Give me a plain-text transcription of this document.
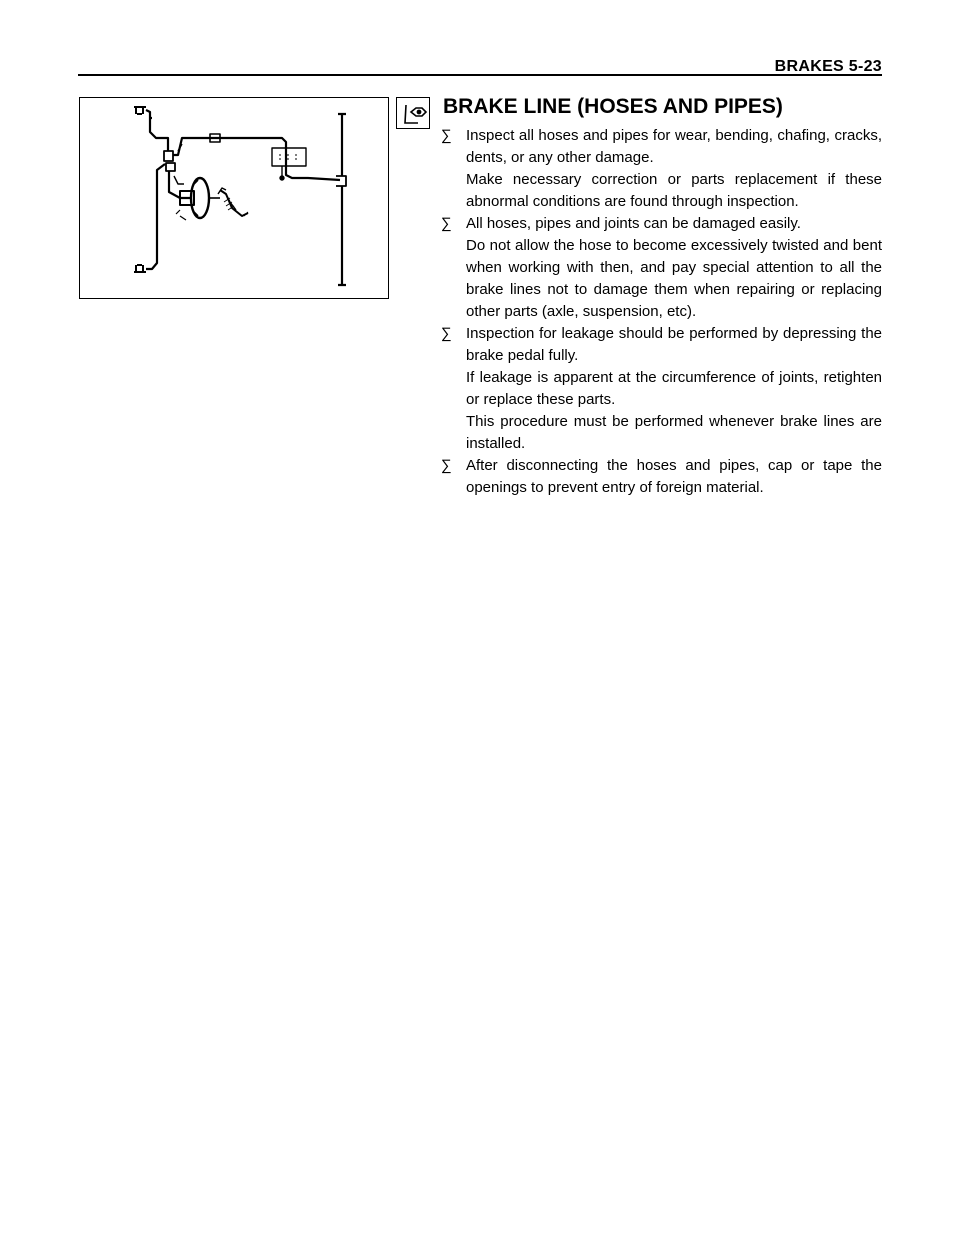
BRAKES 5-23
BRAKE LINE (HOSES AND PIPES)
∑ Inspect all hoses and pipes for wear, bending, chafing, cracks, dents, or any other damage.
Make necessary correction or parts replacement if these abnormal conditions are found through inspection.
∑ All hoses, pipes and joints can be damaged easily.
Do not allow the hose to become excessively twisted and bent when working with then, and pay special attention to all the brake lines not to damage them when repairing or replacing other parts (axle, suspension, etc).
∑ Inspection for leakage should be performed by depressing the brake pedal fully.
If leakage is apparent at the circumference of joints, retighten or replace these parts.
This procedure must be performed whenever brake lines are installed.
∑ After disconnecting the hoses and pipes, cap or tape the openings to prevent entry of foreign material.
